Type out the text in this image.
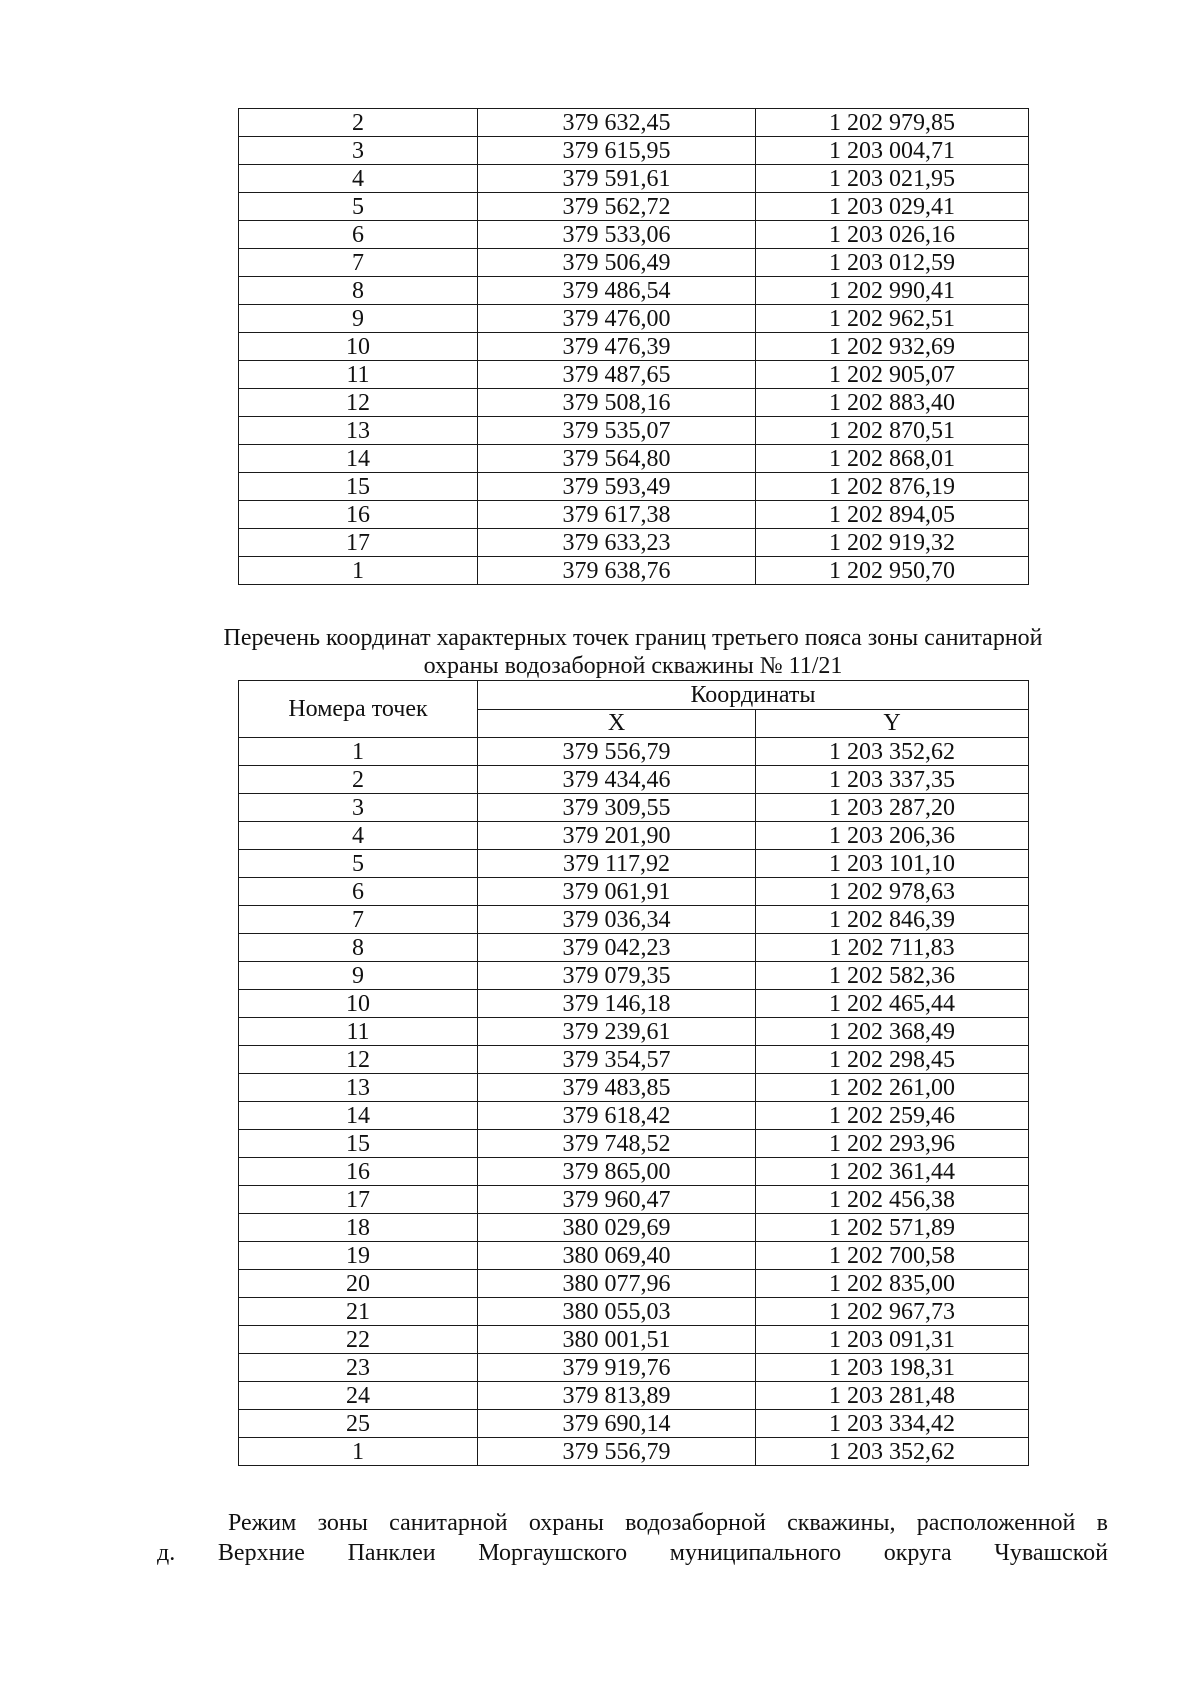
2	379 632,45	1 202 979,85
3	379 615,95	1 203 004,71
4	379 591,61	1 203 021,95
5	379 562,72	1 203 029,41
6	379 533,06	1 203 026,16
7	379 506,49	1 203 012,59
8	379 486,54	1 202 990,41
9	379 476,00	1 202 962,51
10	379 476,39	1 202 932,69
11	379 487,65	1 202 905,07
12	379 508,16	1 202 883,40
13	379 535,07	1 202 870,51
14	379 564,80	1 202 868,01
15	379 593,49	1 202 876,19
16	379 617,38	1 202 894,05
17	379 633,23	1 202 919,32
1	379 638,76	1 202 950,70
Перечень координат характерных точек границ третьего пояса зоны санитарной
охраны водозаборной скважины № 11/21
Номера точек	Координаты	
	X	Y
1	379 556,79	1 203 352,62
2	379 434,46	1 203 337,35
3	379 309,55	1 203 287,20
4	379 201,90	1 203 206,36
5	379 117,92	1 203 101,10
6	379 061,91	1 202 978,63
7	379 036,34	1 202 846,39
8	379 042,23	1 202 711,83
9	379 079,35	1 202 582,36
10	379 146,18	1 202 465,44
11	379 239,61	1 202 368,49
12	379 354,57	1 202 298,45
13	379 483,85	1 202 261,00
14	379 618,42	1 202 259,46
15	379 748,52	1 202 293,96
16	379 865,00	1 202 361,44
17	379 960,47	1 202 456,38
18	380 029,69	1 202 571,89
19	380 069,40	1 202 700,58
20	380 077,96	1 202 835,00
21	380 055,03	1 202 967,73
22	380 001,51	1 203 091,31
23	379 919,76	1 203 198,31
24	379 813,89	1 203 281,48
25	379 690,14	1 203 334,42
1	379 556,79	1 203 352,62
Режим зоны санитарной охраны водозаборной скважины, расположенной в
д. Верхние Панклеи Моргаушского муниципального округа Чувашской
